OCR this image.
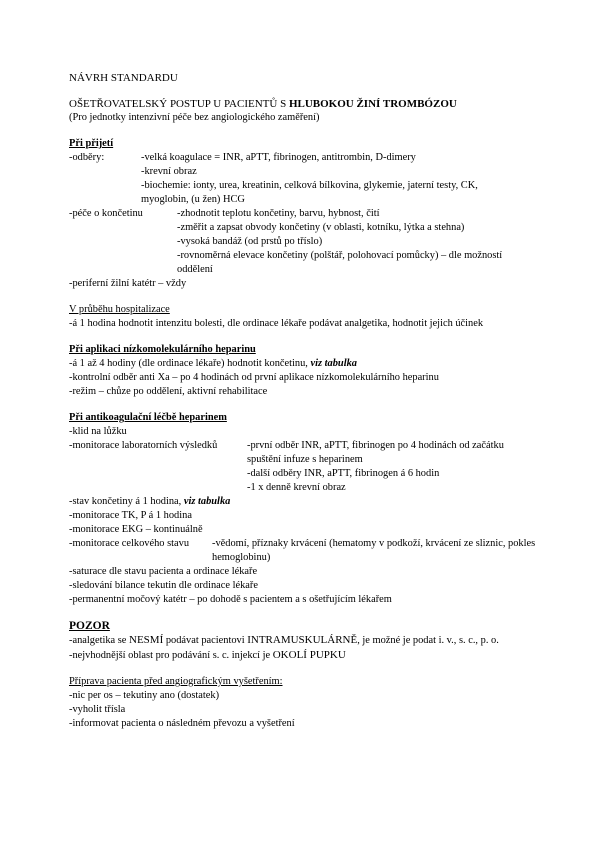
NÁVRH STANDARDU
OŠETŘOVATELSKÝ POSTUP U PACIENTŮ S HLUBOKOU ŽINÍ TROMBÓZOU
(Pro jednotky intenzivní péče bez angiologického zaměření)
Při přijetí
-odběry:	-velká koagulace = INR, aPTT, fibrinogen, antitrombin, D-dimery
-krevní obraz
-biochemie: ionty, urea, kreatinin, celková bílkovina, glykemie, jaterní testy, CK, myoglobin, (u žen) HCG
-péče o končetinu	-zhodnotit teplotu končetiny, barvu, hybnost, čití
-změřit a zapsat obvody končetiny (v oblasti, kotníku, lýtka a stehna)
-vysoká bandáž (od prstů po tříslo)
-rovnoměrná elevace končetiny (polštář, polohovací pomůcky) – dle možností oddělení
-periferní žilní katétr – vždy
V průběhu hospitalizace
-á 1 hodina hodnotit intenzitu bolesti, dle ordinace lékaře podávat analgetika, hodnotit jejich účinek
Při aplikaci nízkomolekulárního heparinu
-á 1 až 4 hodiny (dle ordinace lékaře) hodnotit končetinu, viz tabulka
-kontrolní odběr anti Xa – po 4 hodinách od první aplikace nízkomolekulárního heparinu
-režim – chůze po oddělení, aktivní rehabilitace
Při antikoagulační léčbě heparinem
-klid na lůžku
-monitorace laboratorních výsledků	-první odběr INR, aPTT, fibrinogen po 4 hodinách od začátku spuštění infuze s heparinem
-další odběry INR, aPTT, fibrinogen á 6 hodin
-1 x denně krevní obraz
-stav končetiny á 1 hodina, viz tabulka
-monitorace TK, P á 1 hodina
-monitorace EKG – kontinuálně
-monitorace celkového stavu	-vědomí, příznaky krvácení (hematomy v podkoží, krvácení ze sliznic, pokles hemoglobinu)
-saturace dle stavu pacienta a ordinace lékaře
-sledování bilance tekutin dle ordinace lékaře
-permanentní močový katétr – po dohodě s pacientem a s ošetřujícím lékařem
POZOR
-analgetika se NESMÍ podávat pacientovi INTRAMUSKULÁRNĚ, je možné je podat i. v., s. c., p. o.
-nejvhodnější oblast pro podávání s. c. injekcí je OKOLÍ PUPKU
Příprava pacienta před angiografickým vyšetřením:
-nic per os – tekutiny ano (dostatek)
-vyholit třísla
-informovat pacienta o následném převozu a vyšetření
